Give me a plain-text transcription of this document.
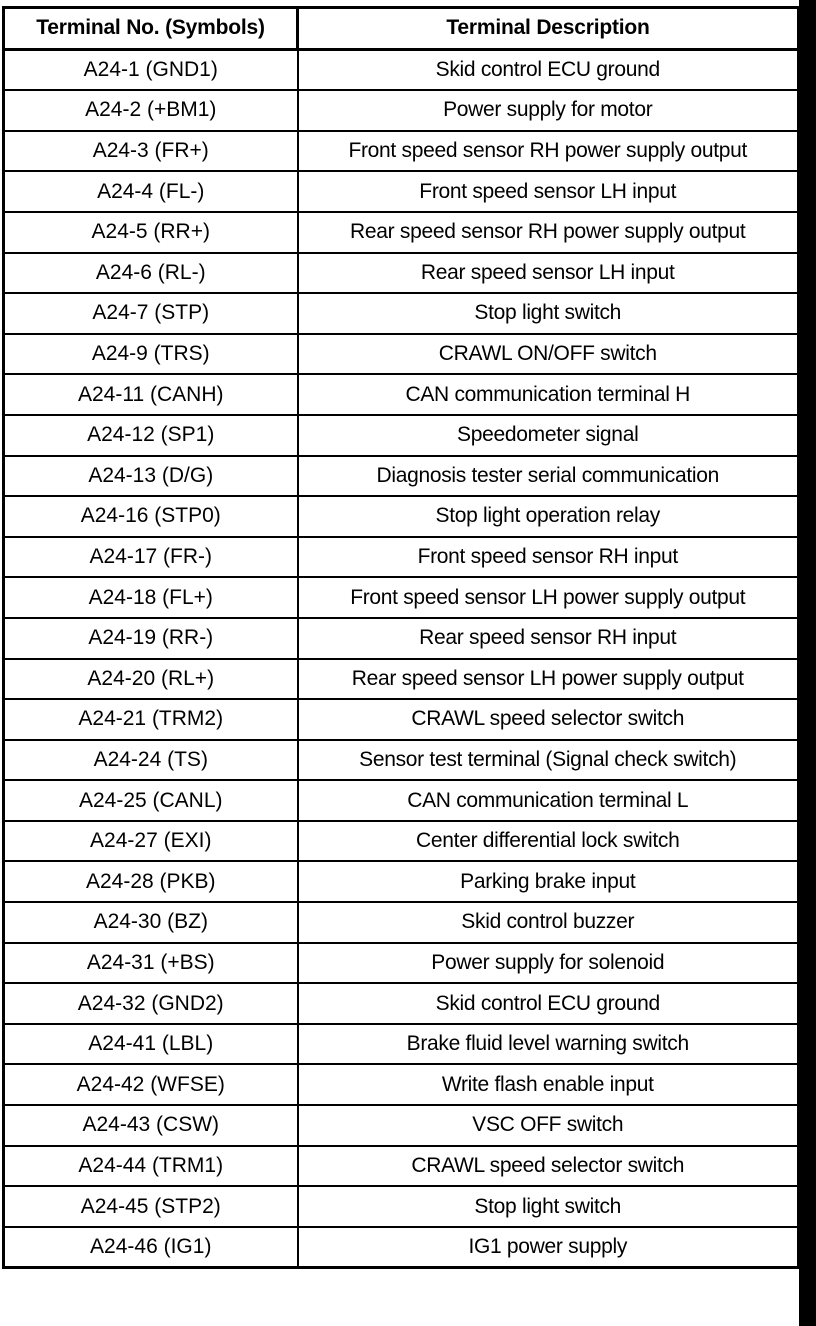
Terminal No. (Symbols)	Terminal Description
A24-1 (GND1)	Skid control ECU ground
A24-2 (+BM1)	Power supply for motor
A24-3 (FR+)	Front speed sensor RH power supply output
A24-4 (FL-)	Front speed sensor LH input
A24-5 (RR+)	Rear speed sensor RH power supply output
A24-6 (RL-)	Rear speed sensor LH input
A24-7 (STP)	Stop light switch
A24-9 (TRS)	CRAWL ON/OFF switch
A24-11 (CANH)	CAN communication terminal H
A24-12 (SP1)	Speedometer signal
A24-13 (D/G)	Diagnosis tester serial communication
A24-16 (STP0)	Stop light operation relay
A24-17 (FR-)	Front speed sensor RH input
A24-18 (FL+)	Front speed sensor LH power supply output
A24-19 (RR-)	Rear speed sensor RH input
A24-20 (RL+)	Rear speed sensor LH power supply output
A24-21 (TRM2)	CRAWL speed selector switch
A24-24 (TS)	Sensor test terminal (Signal check switch)
A24-25 (CANL)	CAN communication terminal L
A24-27 (EXI)	Center differential lock switch
A24-28 (PKB)	Parking brake input
A24-30 (BZ)	Skid control buzzer
A24-31 (+BS)	Power supply for solenoid
A24-32 (GND2)	Skid control ECU ground
A24-41 (LBL)	Brake fluid level warning switch
A24-42 (WFSE)	Write flash enable input
A24-43 (CSW)	VSC OFF switch
A24-44 (TRM1)	CRAWL speed selector switch
A24-45 (STP2)	Stop light switch
A24-46 (IG1)	IG1 power supply
